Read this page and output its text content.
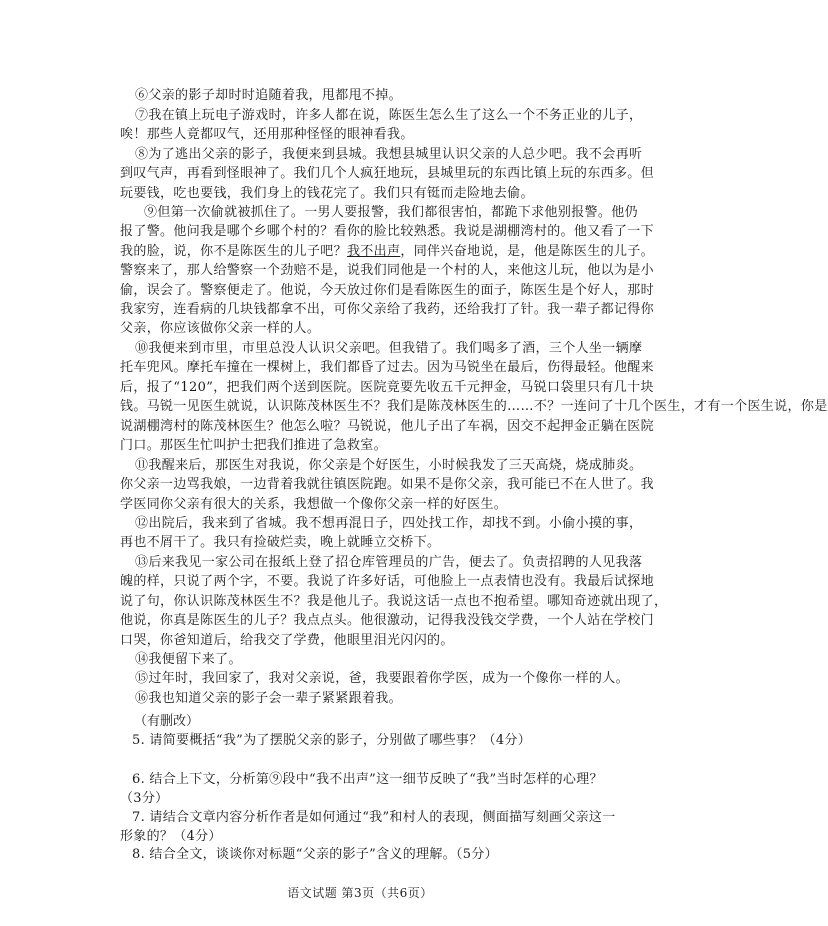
⑥父亲的影子却时时追随着我，甩都甩不掉。
⑦我在镇上玩电子游戏时，许多人都在说，陈医生怎么生了这么一个不务正业的儿子，
唉！那些人竟都叹气，还用那种怪怪的眼神看我。
⑧为了逃出父亲的影子，我便来到县城。我想县城里认识父亲的人总少吧。我不会再听
到叹气声，再看到怪眼神了。我们几个人疯狂地玩，县城里玩的东西比镇上玩的东西多。但
玩要钱，吃也要钱，我们身上的钱花完了。我们只有铤而走险地去偷。
⑨但第一次偷就被抓住了。一男人要报警，我们都很害怕，都跪下求他别报警。他仍
报了警。他问我是哪个乡哪个村的？看你的脸比较熟悉。我说是湖棚湾村的。他又看了一下
我的脸，说，你不是陈医生的儿子吧？我不出声，同伴兴奋地说，是，他是陈医生的儿子。
警察来了，那人给警察一个劲赔不是，说我们同他是一个村的人，来他这儿玩，他以为是小
偷，误会了。警察便走了。他说，今天放过你们是看陈医生的面子，陈医生是个好人，那时
我家穷，连看病的几块钱都拿不出，可你父亲给了我药，还给我打了针。我一辈子都记得你
父亲，你应该做你父亲一样的人。
⑩我便来到市里，市里总没人认识父亲吧。但我错了。我们喝多了酒，三个人坐一辆摩
托车兜风。摩托车撞在一棵树上，我们都昏了过去。因为马锐坐在最后，伤得最轻。他醒来
后，报了“120”，把我们两个送到医院。医院竟要先收五千元押金，马锐口袋里只有几十块
钱。马锐一见医生就说，认识陈茂林医生不？我们是陈茂林医生的……不？一连问了十几个医生，才有一个医生说，你是
说湖棚湾村的陈茂林医生？他怎么啦？马锐说，他儿子出了车祸，因交不起押金正躺在医院
门口。那医生忙叫护士把我们推进了急救室。
⑪我醒来后，那医生对我说，你父亲是个好医生，小时候我发了三天高烧，烧成肺炎。
你父亲一边骂我娘，一边背着我就往镇医院跑。如果不是你父亲，我可能已不在人世了。我
学医同你父亲有很大的关系，我想做一个像你父亲一样的好医生。
⑫出院后，我来到了省城。我不想再混日子，四处找工作，却找不到。小偷小摸的事，
再也不屑干了。我只有捡破烂卖，晚上就睡立交桥下。
⑬后来我见一家公司在报纸上登了招仓库管理员的广告，便去了。负责招聘的人见我落
魄的样，只说了两个字，不要。我说了许多好话，可他脸上一点表情也没有。我最后试探地
说了句，你认识陈茂林医生不？我是他儿子。我说这话一点也不抱希望。哪知奇迹就出现了，
他说，你真是陈医生的儿子？我点点头。他很激动，记得我没钱交学费，一个人站在学校门
口哭，你爸知道后，给我交了学费，他眼里泪光闪闪的。
⑭我便留下来了。
⑮过年时，我回家了，我对父亲说，爸，我要跟着你学医，成为一个像你一样的人。
⑯我也知道父亲的影子会一辈子紧紧跟着我。

（有删改）

5. 请简要概括“我”为了摆脱父亲的影子，分别做了哪些事？（4分）
6. 结合上下文，分析第⑨段中“我不出声”这一细节反映了“我”当时怎样的心理？
（3分）
语文试题 第3页（共6页）
7. 请结合文章内容分析作者是如何通过“我”和村人的表现，侧面描写刻画父亲这一
形象的？（4分）
8. 结合全文，谈谈你对标题“父亲的影子”含义的理解。（5分）
